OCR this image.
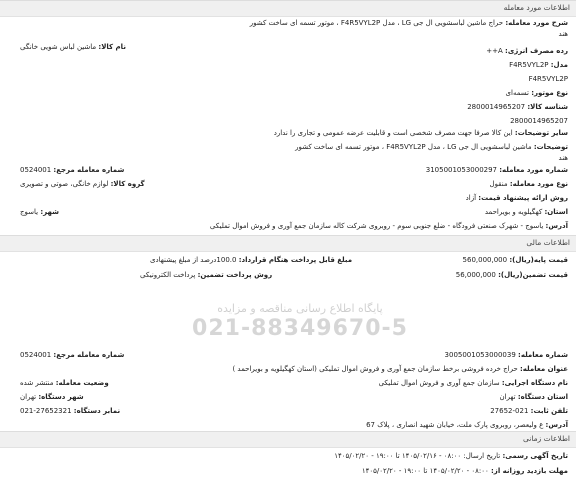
اطلاعات مورد معامله
شرح مورد معامله: حراج ماشین لباسشویی ال جی LG ، مدل F4R5VYL2P ، موتور تسمه ای ساخت کشور
هند
نام کالا: ماشین لباس شویی خانگی	رده مصرف انرژی: A++
مدل: F4R5VYL2P
F4R5VYL2P
نوع موتور: تسمه‌ای
شناسه کالا: 2800014965207
2800014965207
سایر توضیحات: این کالا صرفا جهت مصرف شخصی است و قابلیت عرضه عمومی و تجاری را ندارد
توضیحات: ماشین لباسشویی ال جی LG ، مدل F4R5VYL2P ، موتور تسمه ای ساخت کشور
هند
شماره مورد معامله: 3105001053000297
شماره معامله مرجع: 0524001
نوع مورد معامله: منقول
گروه کالا: لوازم خانگی، صوتی و تصویری
روش ارائه پیشنهاد قیمت: آزاد
استان: کهگیلویه و بویراحمد
شهر: یاسوج
آدرس: یاسوج - شهرک صنعتی فرودگاه - ضلع جنوبی سوم - روبروی شرکت کاله سازمان جمع آوری و فروش اموال تملیکی
اطلاعات مالی
قیمت پایه(ریال): 560,000,000
مبلغ قابل پرداخت هنگام قرارداد: 100.0درصد از مبلغ پیشنهادی
قیمت تضمین(ریال): 56,000,000
روش پرداخت تضمین: پرداخت الکترونیکی
پایگاه اطلاع رسانی مناقصه و مزایده
021-88349670-5
شماره معامله: 3005001053000039
شماره معامله مرجع: 0524001
عنوان معامله: حراج خرده فروشی برخط سازمان جمع آوری و فروش اموال تملیکی (استان کهگیلویه و بویراحمد )
نام دستگاه اجرایی: سازمان جمع آوری و فروش اموال تملیکی
وضعیت معامله: منتشر شده
استان دستگاه: تهران
شهر دستگاه: تهران
تلفن ثابت: 021-27652
نمابر دستگاه: 27652321-021
آدرس: ع ولیعصر، روبروی پارک ملت، خیابان شهید انصاری ، پلاک 67
اطلاعات زمانی
تاریخ آگهی رسمی: تاریخ ارسال: ۰۸:۰۰ - ۱۴۰۵/۰۲/۱۶ تا ۱۹:۰۰ - ۱۴۰۵/۰۲/۲۰
مهلت بازدید روزانه از: ۰۸:۰۰ - ۱۴۰۵/۰۲/۲۰ تا ۱۹:۰۰ - ۱۴۰۵/۰۲/۲۰
